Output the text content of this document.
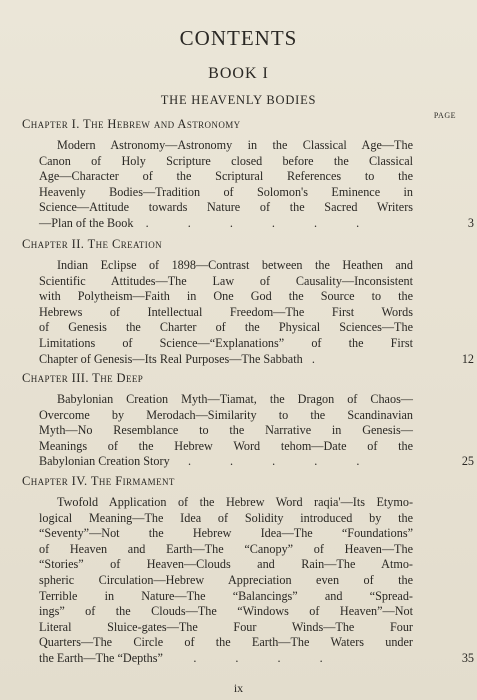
CONTENTS
BOOK I
THE HEAVENLY BODIES
PAGE
Chapter I. The Hebrew and Astronomy
Modern Astronomy—Astronomy in the Classical Age—The
Canon of Holy Scripture closed before the Classical
Age—Character of the Scriptural References to the
Heavenly Bodies—Tradition of Solomon's Eminence in
Science—Attitude towards Nature of the Sacred Writers
—Plan of the Book . . . . . .	3
Chapter II. The Creation
Indian Eclipse of 1898—Contrast between the Heathen and
Scientific Attitudes—The Law of Causality—Inconsistent
with Polytheism—Faith in One God the Source to the
Hebrews of Intellectual Freedom—The First Words
of Genesis the Charter of the Physical Sciences—The
Limitations of Science—“Explanations” of the First
Chapter of Genesis—Its Real Purposes—The Sabbath .	12
Chapter III. The Deep
Babylonian Creation Myth—Tiamat, the Dragon of Chaos—
Overcome by Merodach—Similarity to the Scandinavian
Myth—No Resemblance to the Narrative in Genesis—
Meanings of the Hebrew Word tehom—Date of the
Babylonian Creation Story . . . . .	25
Chapter IV. The Firmament
Twofold Application of the Hebrew Word raqia'—Its Etymo-
logical Meaning—The Idea of Solidity introduced by the
“Seventy”—Not the Hebrew Idea—The “Foundations”
of Heaven and Earth—The “Canopy” of Heaven—The
“Stories” of Heaven—Clouds and Rain—The Atmo-
spheric Circulation—Hebrew Appreciation even of the
Terrible in Nature—The “Balancings” and “Spread-
ings” of the Clouds—The “Windows of Heaven”—Not
Literal Sluice-gates—The Four Winds—The Four
Quarters—The Circle of the Earth—The Waters under
the Earth—The “Depths” . . . .	35
ix
